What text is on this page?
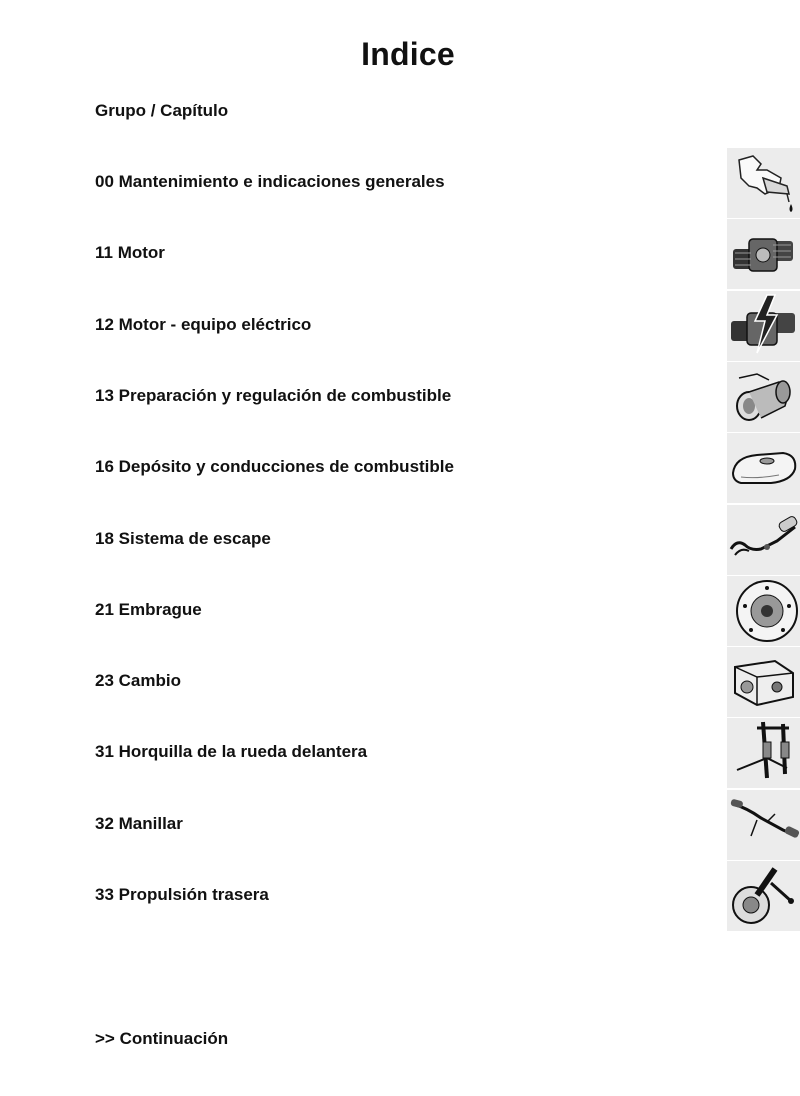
Indice
Grupo / Capítulo
00 Mantenimiento e indicaciones generales
11 Motor
12 Motor - equipo eléctrico
13 Preparación y regulación de combustible
16 Depósito y conducciones de combustible
18 Sistema de escape
21 Embrague
23 Cambio
31 Horquilla de la rueda delantera
32 Manillar
33 Propulsión trasera
>> Continuación
